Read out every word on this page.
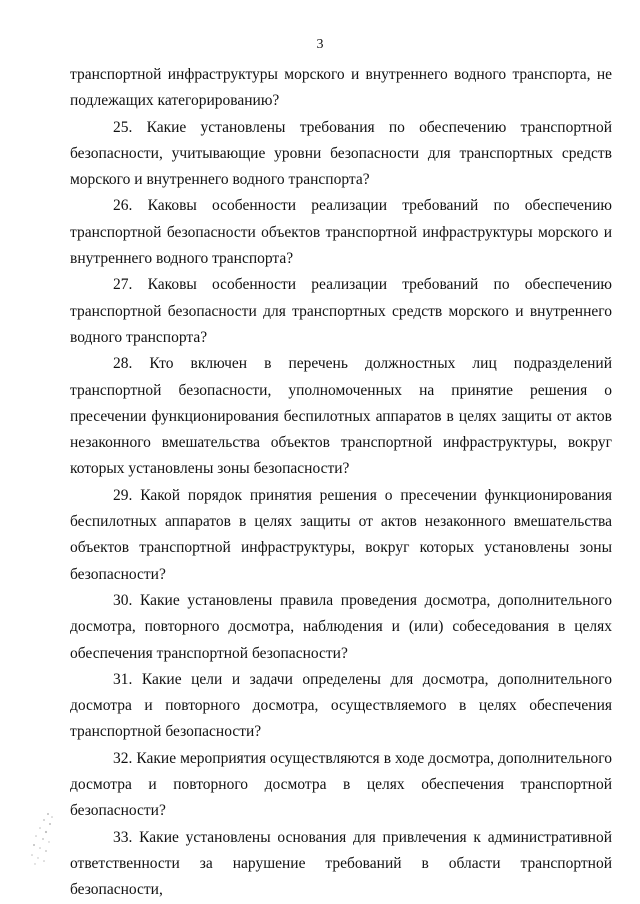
3

транспортной инфраструктуры морского и внутреннего водного транспорта, не подлежащих категорированию?

25. Какие установлены требования по обеспечению транспортной безопасности, учитывающие уровни безопасности для транспортных средств морского и внутреннего водного транспорта?

26. Каковы особенности реализации требований по обеспечению транспортной безопасности объектов транспортной инфраструктуры морского и внутреннего водного транспорта?

27. Каковы особенности реализации требований по обеспечению транспортной безопасности для транспортных средств морского и внутреннего водного транспорта?

28. Кто включен в перечень должностных лиц подразделений транспортной безопасности, уполномоченных на принятие решения о пресечении функционирования беспилотных аппаратов в целях защиты от актов незаконного вмешательства объектов транспортной инфраструктуры, вокруг которых установлены зоны безопасности?

29. Какой порядок принятия решения о пресечении функционирования беспилотных аппаратов в целях защиты от актов незаконного вмешательства объектов транспортной инфраструктуры, вокруг которых установлены зоны безопасности?

30. Какие установлены правила проведения досмотра, дополнительного досмотра, повторного досмотра, наблюдения и (или) собеседования в целях обеспечения транспортной безопасности?

31. Какие цели и задачи определены для досмотра, дополнительного досмотра и повторного досмотра, осуществляемого в целях обеспечения транспортной безопасности?

32. Какие мероприятия осуществляются в ходе досмотра, дополнительного досмотра и повторного досмотра в целях обеспечения транспортной безопасности?

33. Какие установлены основания для привлечения к административной ответственности за нарушение требований в области транспортной безопасности,
